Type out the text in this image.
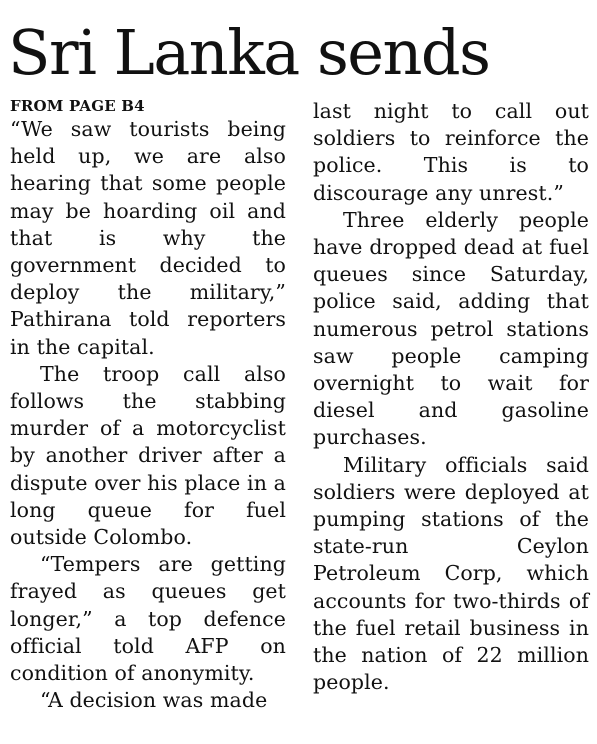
Sri Lanka sends
FROM PAGE B4

“We saw tourists being held up, we are also hearing that some people may be hoarding oil and that is why the government decided to deploy the military,” Pathirana told reporters in the capital.

The troop call also follows the stabbing murder of a motorcyclist by another driver after a dispute over his place in a long queue for fuel outside Colombo.

“Tempers are getting frayed as queues get longer,” a top defence official told AFP on condition of anonymity.

“A decision was made

last night to call out soldiers to reinforce the police. This is to discourage any unrest.”

Three elderly people have dropped dead at fuel queues since Saturday, police said, adding that numerous petrol stations saw people camping overnight to wait for diesel and gasoline purchases.

Military officials said soldiers were deployed at pumping stations of the state-run Ceylon Petroleum Corp, which accounts for two-thirds of the fuel retail business in the nation of 22 million people.
